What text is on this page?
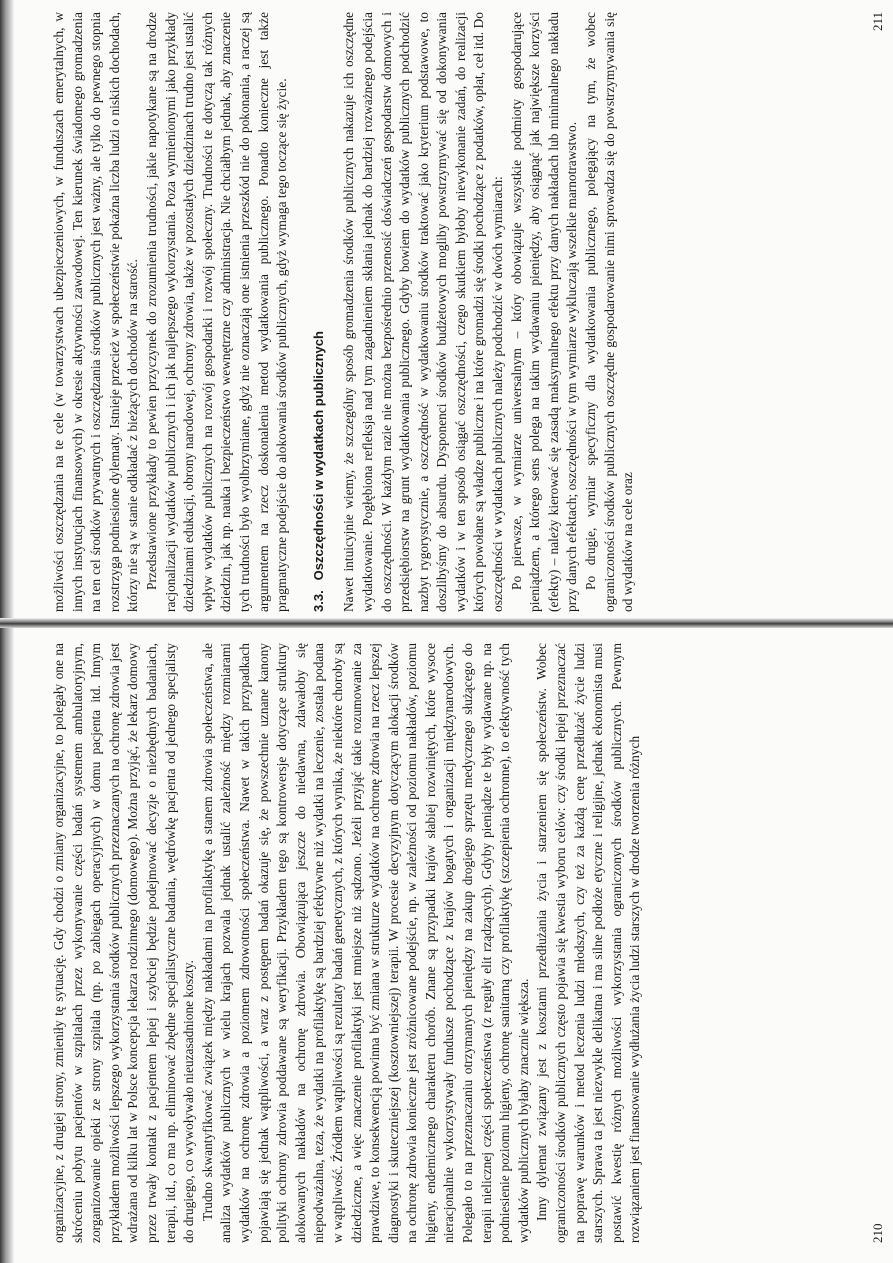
możliwości oszczędzania na te cele (w towarzystwach ubezpieczeniowych, w funduszach emerytalnych, w innych instytucjach finansowych) w okresie aktywności zawodowej. Ten kierunek świadomego gromadzenia na ten cel środków prywatnych i oszczędzania środków publicznych jest ważny, ale tylko do pewnego stopnia rozstrzyga podniesione dylematy. Istnieje przecież w społeczeństwie pokaźna liczba ludzi o niskich dochodach, którzy nie są w stanie odkładać z bieżących dochodów na starość. Przedstawione przykłady to pewien przyczynek do zrozumienia trudności, jakie napotykane są na drodze racjonalizacji wydatków publicznych i ich jak najlepszego wykorzystania. Poza wymienionymi jako przykłady dziedzinami edukacji, obrony narodowej, ochrony zdrowia, także w pozostałych dziedzinach trudno jest ustalić wpływ wydatków publicznych na rozwój gospodarki i rozwój społeczny. Trudności te dotyczą tak różnych dziedzin, jak np. nauka i bezpieczeństwo wewnętrzne czy administracja. Nie chciałbym jednak, aby znaczenie tych trudności było wyolbrzymiane, gdyż nie oznaczają one istnienia przeszkód nie do pokonania, a raczej są argumentem na rzecz doskonalenia metod wydatkowania publicznego. Ponadto konieczne jest także pragmatyczne podejście do alokowania środków publicznych, gdyż wymaga tego toczące się życie. 3.3.Oszczędności w wydatkach publicznych Nawet intuicyjnie wiemy, że szczególny sposób gromadzenia środków publicznych nakazuje ich oszczędne wydatkowanie. Pogłębiona refleksja nad tym zagadnieniem skłania jednak do bardziej rozważnego podejścia do oszczędności. W każdym razie nie można bezpośrednio przenosić doświadczeń gospodarstw domowych i przedsiębiorstw na grunt wydatkowania publicznego. Gdyby bowiem do wydatków publicznych podchodzić nazbyt rygorystycznie, a oszczędność w wydatkowaniu środków traktować jako kryterium podstawowe, to doszlibyśmy do absurdu. Dysponenci środków budżetowych mogliby powstrzymywać się od dokonywania wydatków i w ten sposób osiągać oszczędności, czego skutkiem byłoby niewykonanie zadań, do realizacji których powołane są władze publiczne i na które gromadzi się środki pochodzące z podatków, opłat, ceł itd. Do oszczędności w wydatkach publicznych należy podchodzić w dwóch wymiarach: Po pierwsze, w wymiarze uniwersalnym – który obowiązuje wszystkie podmioty gospodarujące pieniądzem, a którego sens polega na takim wydawaniu pieniędzy, aby osiągnąć jak największe korzyści (efekty) – należy kierować się zasadą maksymalnego efektu przy danych nakładach lub minimalnego nakładu przy danych efektach; oszczędności w tym wymiarze wykluczają wszelkie marnotrawstwo. Po drugie, wymiar specyficzny dla wydatkowania publicznego, polegający na tym, że wobec ograniczoności środków publicznych oszczędne gospodarowanie nimi sprowadza się do powstrzymywania się od wydatków na cele oraz

211

organizacyjne, z drugiej strony, zmieniły tę sytuację. Gdy chodzi o zmiany organizacyjne, to polegały one na skróceniu pobytu pacjentów w szpitalach przez wykonywanie części badań systemem ambulatoryjnym, zorganizowanie opieki ze strony szpitala (np. po zabiegach operacyjnych) w domu pacjenta itd. Innym przykładem możliwości lepszego wykorzystania środków publicznych przeznaczanych na ochronę zdrowia jest wdrażana od kilku lat w Polsce koncepcja lekarza rodzinnego (domowego). Można przyjąć, że lekarz domowy przez trwały kontakt z pacjentem lepiej i szybciej będzie podejmować decyzje o niezbędnych badaniach, terapii, itd., co ma np. eliminować zbędne specjalistyczne badania, wędrówkę pacjenta od jednego specjalisty do drugiego, co wywoływało nieuzasadnione koszty. Trudno skwantyfikować związek między nakładami na profilaktykę a stanem zdrowia społeczeństwa, ale analiza wydatków publicznych w wielu krajach pozwala jednak ustalić zależność między rozmiarami wydatków na ochronę zdrowia a poziomem zdrowotności społeczeństwa. Nawet w takich przypadkach pojawiają się jednak wątpliwości, a wraz z postępem badań okazuje się, że powszechnie uznane kanony polityki ochrony zdrowia poddawane są weryfikacji. Przykładem tego są kontrowersje dotyczące struktury alokowanych nakładów na ochronę zdrowia. Obowiązująca jeszcze do niedawna, zdawałoby się niepodważalna, teza, że wydatki na profilaktykę są bardziej efektywne niż wydatki na leczenie, została podana w wątpliwość. Źródłem wątpliwości są rezultaty badań genetycznych, z których wynika, że niektóre choroby są dziedziczne, a więc znaczenie profilaktyki jest mniejsze niż sądzono. Jeżeli przyjąć takie rozumowanie za prawdziwe, to konsekwencją powinna być zmiana w strukturze wydatków na ochronę zdrowia na rzecz lepszej diagnostyki i skuteczniejszej (kosztowniejszej) terapii. W procesie decyzyjnym dotyczącym alokacji środków na ochronę zdrowia konieczne jest zróżnicowane podejście, np. w zależności od poziomu nakładów, poziomu higieny, endemicznego charakteru chorób. Znane są przypadki krajów słabiej rozwiniętych, które wysoce nieracjonalnie wykorzystywały fundusze pochodzące z krajów bogatych i organizacji międzynarodowych. Polegało to na przeznaczaniu otrzymanych pieniędzy na zakup drogiego sprzętu medycznego służącego do terapii nielicznej części społeczeństwa (z reguły elit rządzących). Gdyby pieniądze te były wydawane np. na podniesienie poziomu higieny, ochronę sanitarną czy profilaktykę (szczepienia ochronne), to efektywność tych wydatków publicznych byłaby znacznie większa. Inny dylemat związany jest z kosztami przedłużania życia i starzeniem się społeczeństw. Wobec ograniczoności środków publicznych często pojawia się kwestia wyboru celów: czy środki lepiej przeznaczać na poprawę warunków i metod leczenia ludzi młodszych, czy też za każdą cenę przedłużać życie ludzi starszych. Sprawa ta jest niezwykle delikatna i ma silne podłoże etyczne i religijne, jednak ekonomista musi postawić kwestię różnych możliwości wykorzystania ograniczonych środków publicznych. Pewnym rozwiązaniem jest finansowanie wydłużania życia ludzi starszych w drodze tworzenia różnych	210
